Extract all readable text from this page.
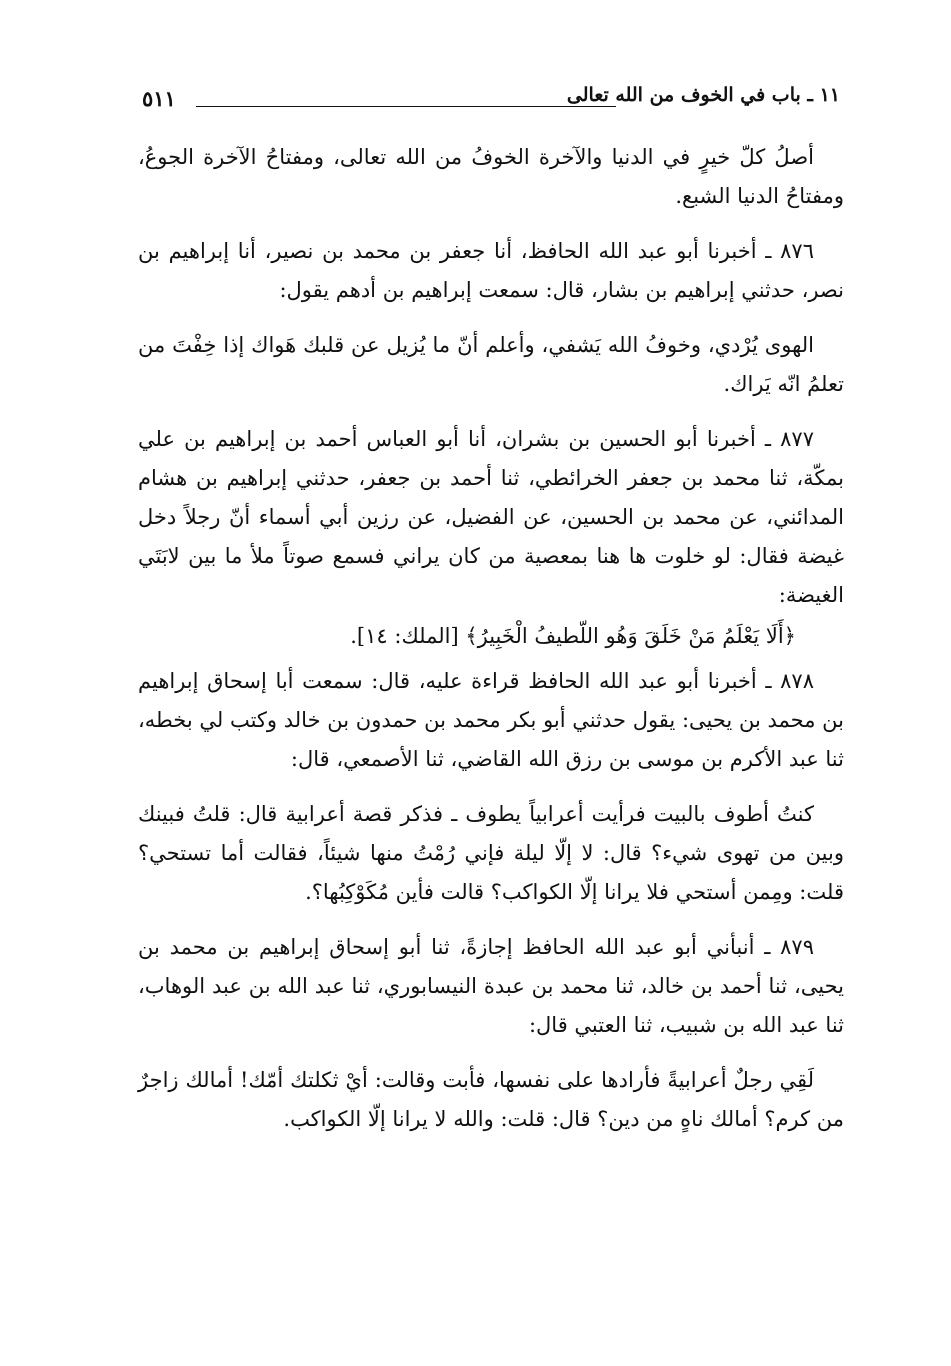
٥١١	١١ ـ باب في الخوف من الله تعالى

أصلُ كلّ خيرٍ في الدنيا والآخرة الخوفُ من الله تعالى، ومفتاحُ الآخرة الجوعُ، ومفتاحُ الدنيا الشبع.

٨٧٦ ـ أخبرنا أبو عبد الله الحافظ، أنا جعفر بن محمد بن نصير، أنا إبراهيم بن نصر، حدثني إبراهيم بن بشار، قال: سمعت إبراهيم بن أدهم يقول:

الهوى يُرْدي، وخوفُ الله يَشفي، وأعلم أنّ ما يُزيل عن قلبك هَواك إذا خِفْتَ من تعلمُ انّه يَراك.

٨٧٧ ـ أخبرنا أبو الحسين بن بشران، أنا أبو العباس أحمد بن إبراهيم بن علي بمكّة، ثنا محمد بن جعفر الخرائطي، ثنا أحمد بن جعفر، حدثني إبراهيم بن هشام المدائني، عن محمد بن الحسين، عن الفضيل، عن رزين أبي أسماء أنّ رجلاً دخل غيضة فقال: لو خلوت ها هنا بمعصية من كان يراني فسمع صوتاً ملأ ما بين لابَتَي الغيضة:

﴿أَلَا يَعْلَمُ مَنْ خَلَقَ وَهُو اللّطيفُ الْخَبِيرُ﴾ [الملك: ١٤].

٨٧٨ ـ أخبرنا أبو عبد الله الحافظ قراءة عليه، قال: سمعت أبا إسحاق إبراهيم بن محمد بن يحيى: يقول حدثني أبو بكر محمد بن حمدون بن خالد وكتب لي بخطه، ثنا عبد الأكرم بن موسى بن رزق الله القاضي، ثنا الأصمعي، قال:

كنتُ أطوف بالبيت فرأيت أعرابياً يطوف ـ فذكر قصة أعرابية قال: قلتُ فبينك وبين من تهوى شيء؟ قال: لا إلّا ليلة فإني رُمْتُ منها شيئاً، فقالت أما تستحي؟ قلت: ومِمن أستحي فلا يرانا إلّا الكواكب؟ قالت فأين مُكَوْكِبُها؟.

٨٧٩ ـ أنبأني أبو عبد الله الحافظ إجازةً، ثنا أبو إسحاق إبراهيم بن محمد بن يحيى، ثنا أحمد بن خالد، ثنا محمد بن عبدة النيسابوري، ثنا عبد الله بن عبد الوهاب، ثنا عبد الله بن شبيب، ثنا العتبي قال:

لَقِي رجلٌ أعرابيةً فأرادها على نفسها، فأبت وقالت: أيْ ثكلتك أمّك! أمالك زاجرٌ من كرم؟ أمالك ناهٍ من دين؟ قال: قلت: والله لا يرانا إلّا الكواكب.
